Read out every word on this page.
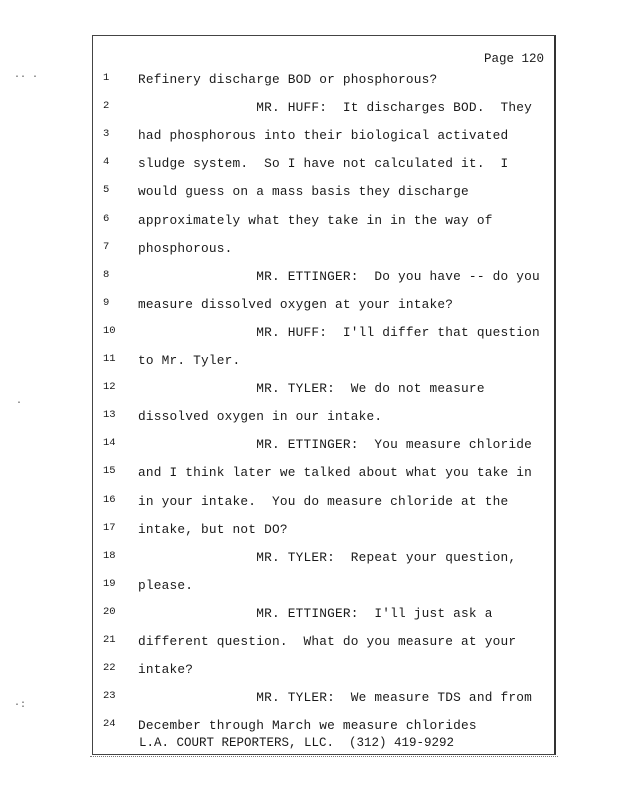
Page 120
1	Refinery discharge BOD or phosphorous?
2	MR. HUFF:  It discharges BOD.  They
3	had phosphorous into their biological activated
4	sludge system.  So I have not calculated it.  I
5	would guess on a mass basis they discharge
6	approximately what they take in in the way of
7	phosphorous.
8	MR. ETTINGER:  Do you have -- do you
9	measure dissolved oxygen at your intake?
10	MR. HUFF:  I'll differ that question
11	to Mr. Tyler.
12	MR. TYLER:  We do not measure
13	dissolved oxygen in our intake.
14	MR. ETTINGER:  You measure chloride
15	and I think later we talked about what you take in
16	in your intake.  You do measure chloride at the
17	intake, but not DO?
18	MR. TYLER:  Repeat your question,
19	please.
20	MR. ETTINGER:  I'll just ask a
21	different question.  What do you measure at your
22	intake?
23	MR. TYLER:  We measure TDS and from
24	December through March we measure chlorides
L.A. COURT REPORTERS, LLC.  (312) 419-9292
·· ·
·
·:
